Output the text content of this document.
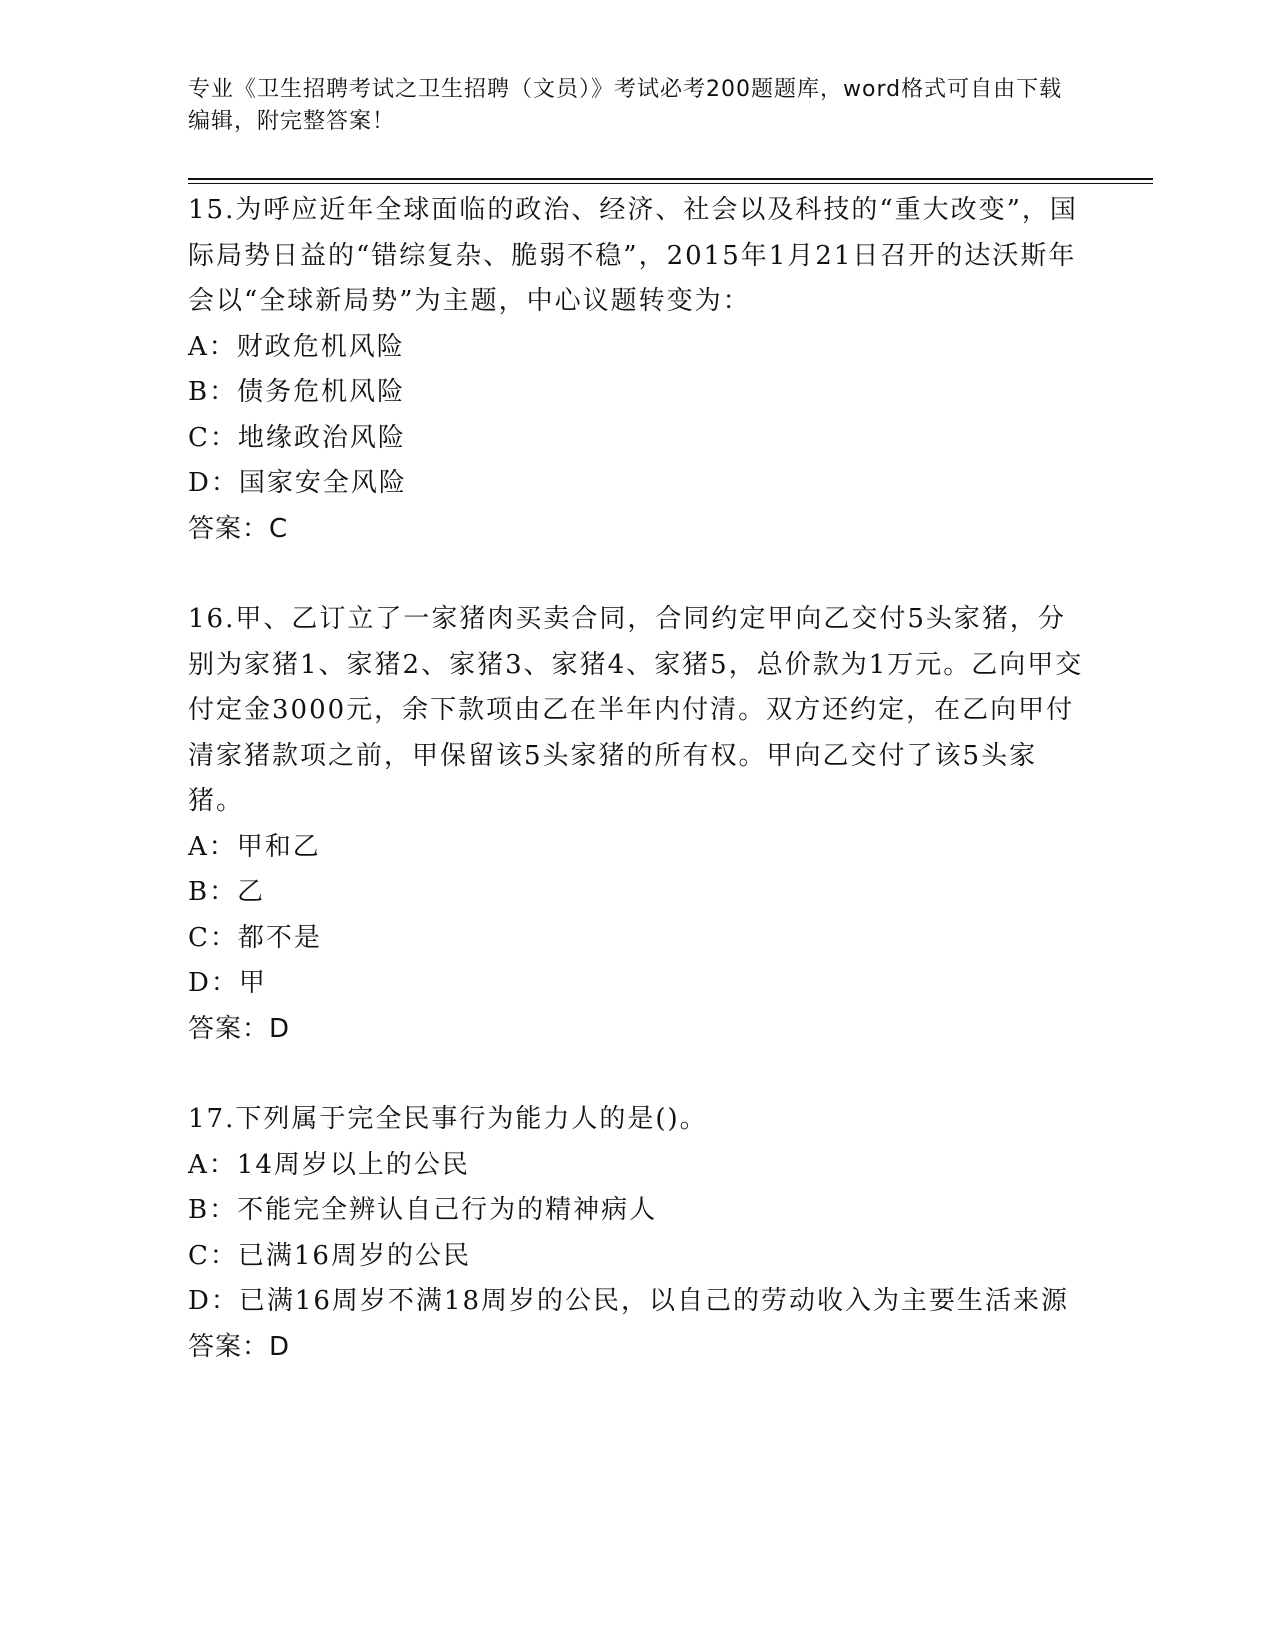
专业《卫生招聘考试之卫生招聘（文员）》考试必考200题题库，word格式可自由下载编辑，附完整答案！

15.为呼应近年全球面临的政治、经济、社会以及科技的“重大改变”，国际局势日益的“错综复杂、脆弱不稳”，2015年1月21日召开的达沃斯年会以“全球新局势”为主题，中心议题转变为：

A：财政危机风险

B：债务危机风险

C：地缘政治风险

D：国家安全风险

答案：C

16.甲、乙订立了一家猪肉买卖合同，合同约定甲向乙交付5头家猪，分别为家猪1、家猪2、家猪3、家猪4、家猪5，总价款为1万元。乙向甲交付定金3000元，余下款项由乙在半年内付清。双方还约定，在乙向甲付清家猪款项之前，甲保留该5头家猪的所有权。甲向乙交付了该5头家猪。

A：甲和乙

B：乙

C：都不是

D：甲

答案：D

17.下列属于完全民事行为能力人的是()。

A：14周岁以上的公民

B：不能完全辨认自己行为的精神病人

C：已满16周岁的公民

D：已满16周岁不满18周岁的公民，以自己的劳动收入为主要生活来源

答案：D
